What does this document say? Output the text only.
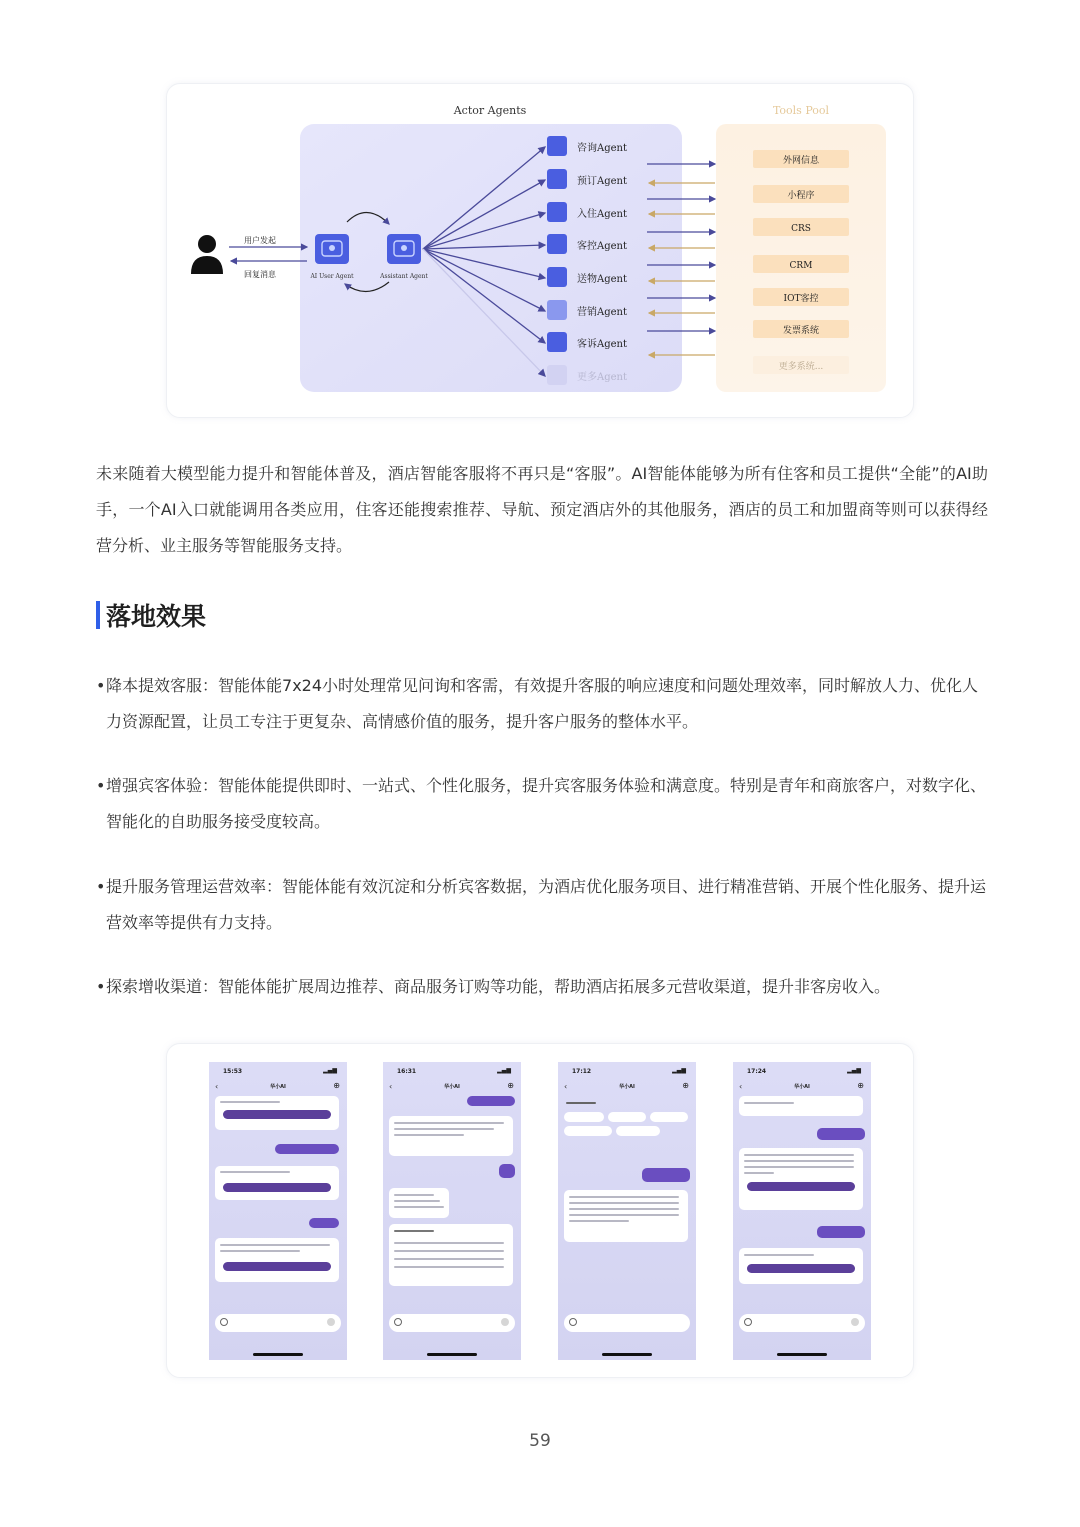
Actor Agents	Tools Pool
用户发起
回复消息	AI User Agent	Assistant Agent
咨询Agent
预订Agent
入住Agent
客控Agent
送物Agent
营销Agent
客诉Agent
更多Agent
外网信息
小程序
CRS
CRM
IOT客控
发票系统
更多系统...
未来随着大模型能力提升和智能体普及，酒店智能客服将不再只是“客服”。AI智能体能够为所有住客和员工提供“全能”的AI助手，一个AI入口就能调用各类应用，住客还能搜索推荐、导航、预定酒店外的其他服务，酒店的员工和加盟商等则可以获得经营分析、业主服务等智能服务支持。
落地效果
• 降本提效客服：智能体能7x24小时处理常见问询和客需，有效提升客服的响应速度和问题处理效率，同时解放人力、优化人力资源配置，让员工专注于更复杂、高情感价值的服务，提升客户服务的整体水平。
• 增强宾客体验：智能体能提供即时、一站式、个性化服务，提升宾客服务体验和满意度。特别是青年和商旅客户，对数字化、智能化的自助服务接受度较高。
• 提升服务管理运营效率：智能体能有效沉淀和分析宾客数据，为酒店优化服务项目、进行精准营销、开展个性化服务、提升运营效率等提供有力支持。
• 探索增收渠道：智能体能扩展周边推荐、商品服务订购等功能，帮助酒店拓展多元营收渠道，提升非客房收入。
15:53	▂▄▆
‹	华小AI	⊕
16:31	▂▄▆
‹	华小AI	⊕
17:12	▂▄▆
‹	华小AI	⊕
17:24	▂▄▆
‹	华小AI	⊕
59
